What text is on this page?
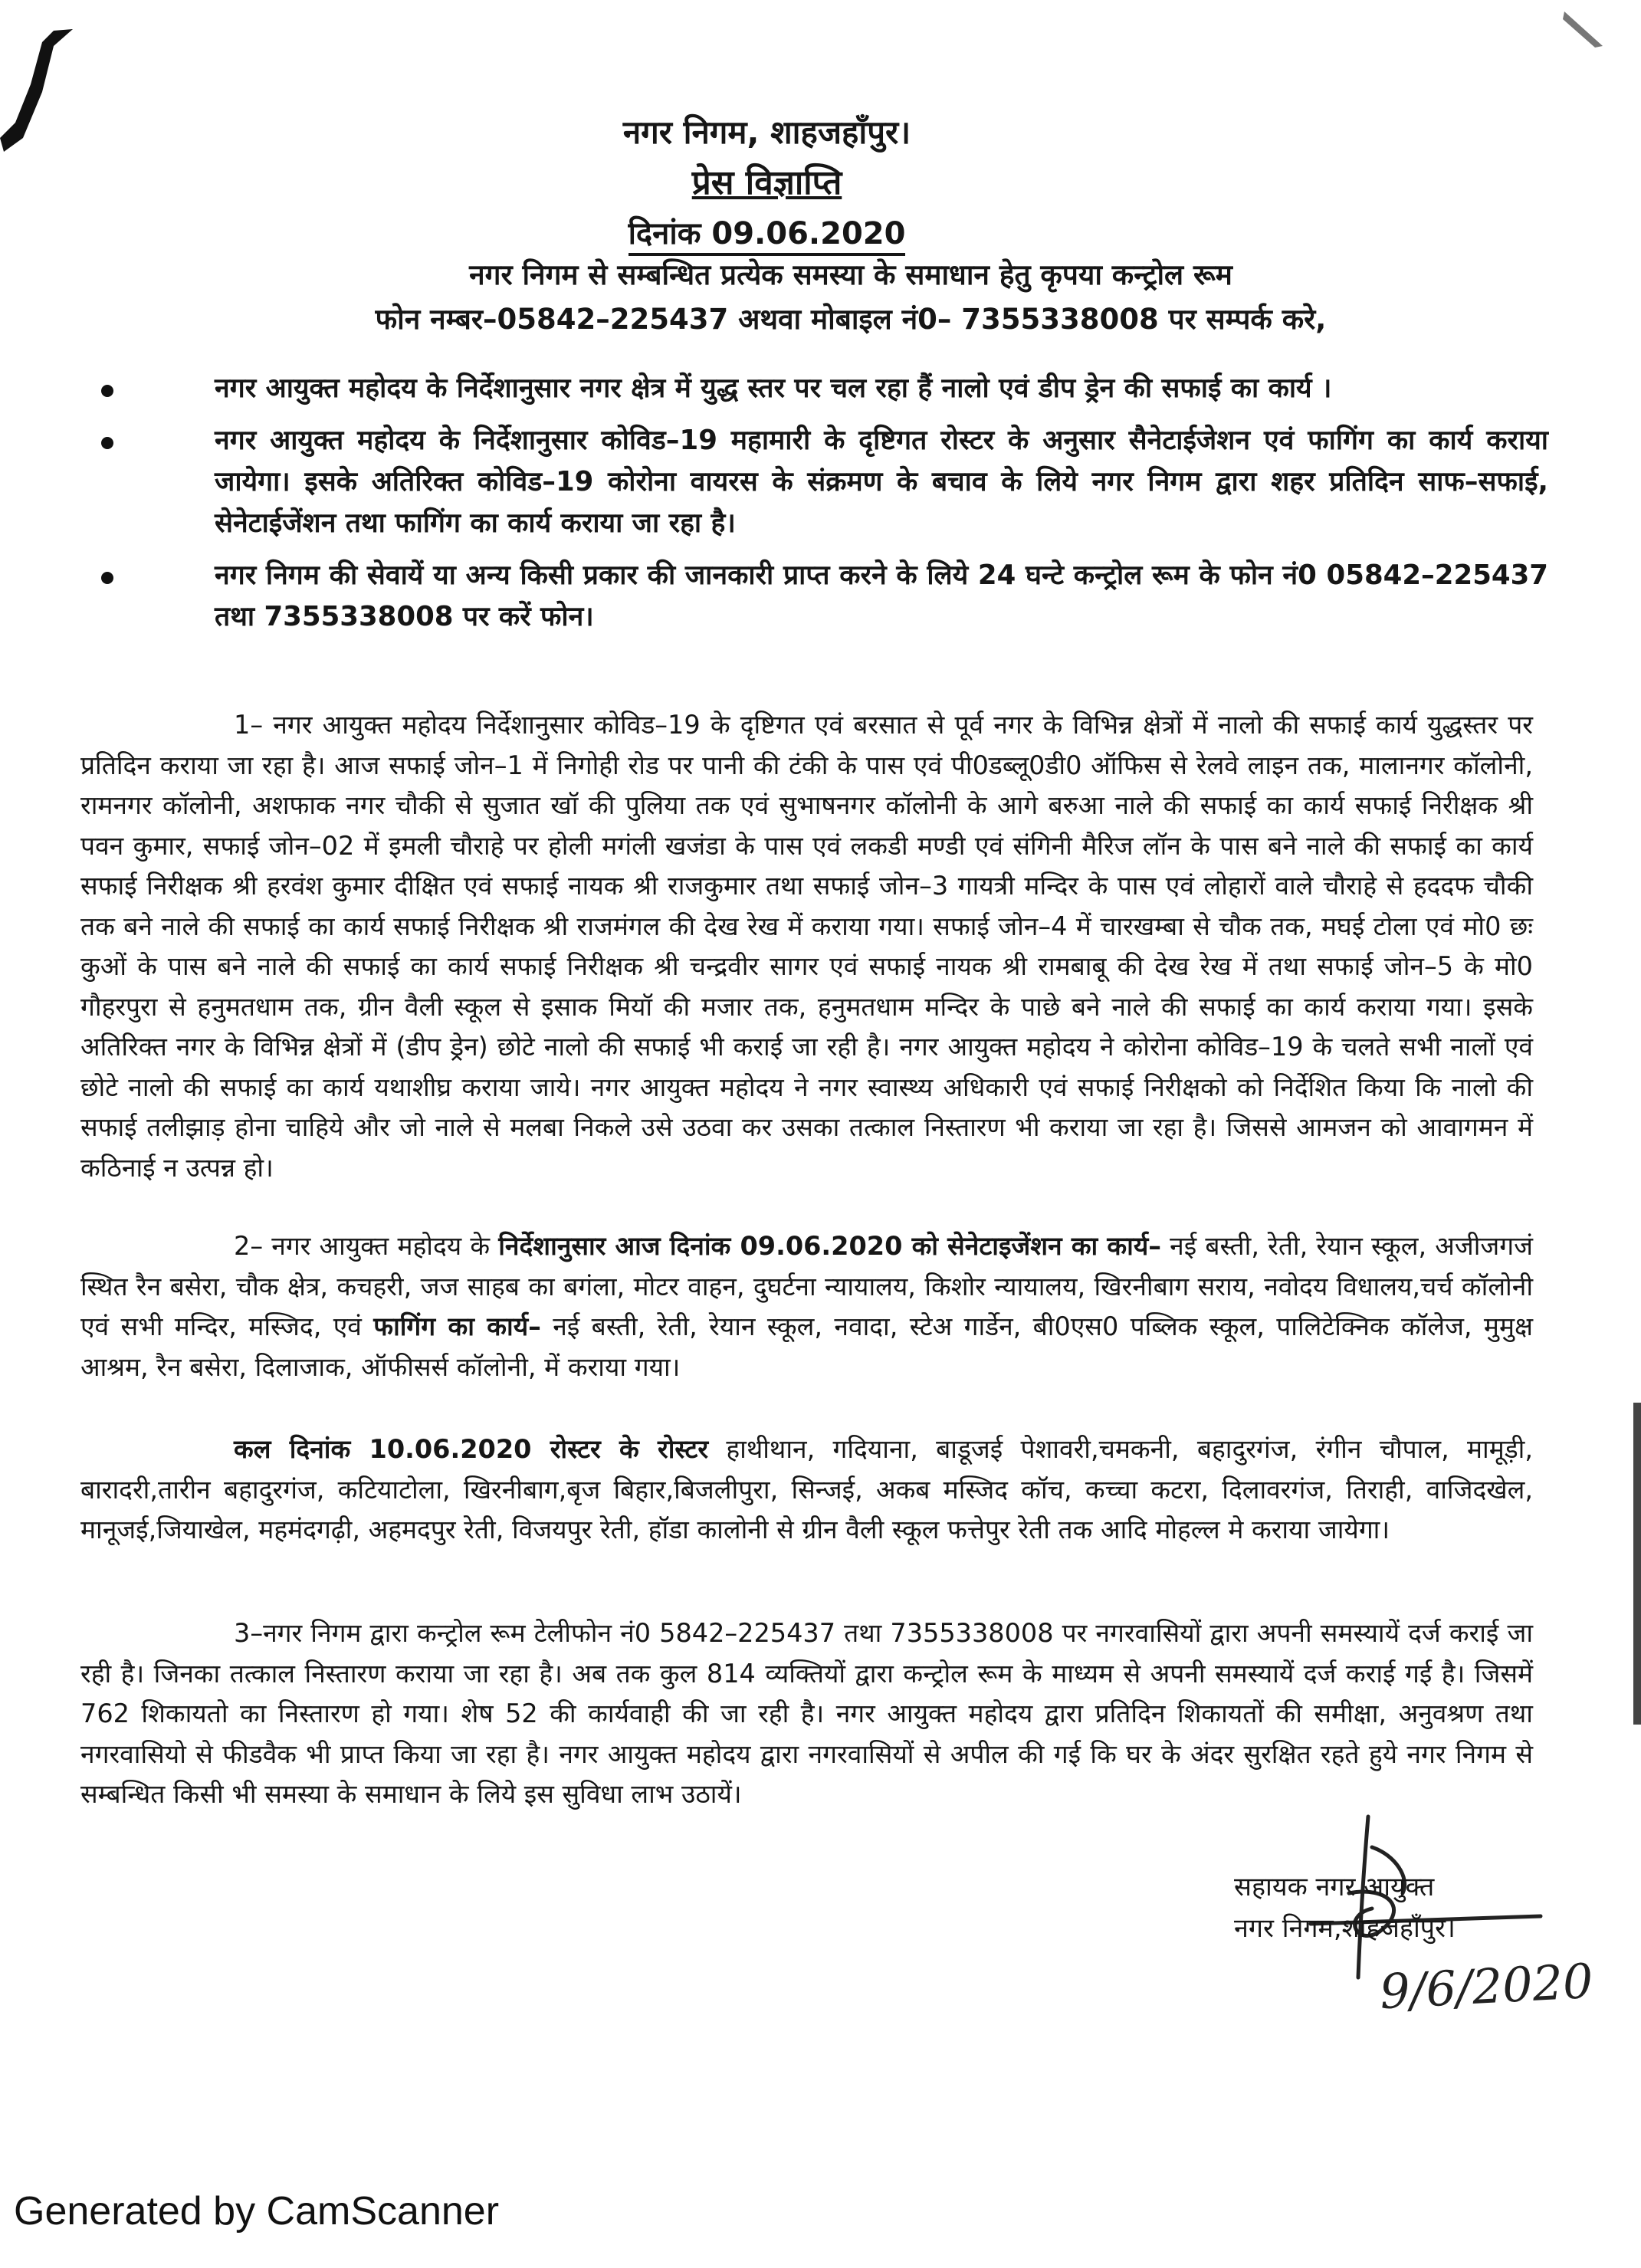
नगर निगम, शाहजहाँपुर।
प्रेस विज्ञाप्ति
दिनांक 09.06.2020
नगर निगम से सम्बन्धित प्रत्येक समस्या के समाधान हेतु कृपया कन्ट्रोल रूम
फोन नम्बर–05842–225437 अथवा मोबाइल नं0– 7355338008 पर सम्पर्क करे,
नगर आयुक्त महोदय के निर्देशानुसार नगर क्षेत्र में युद्ध स्तर पर चल रहा हैं नालो एवं डीप ड्रेन की सफाई का कार्य ।
नगर आयुक्त महोदय के निर्देशानुसार कोविड–19 महामारी के दृष्टिगत रोस्टर के अनुसार सैनेटाईजेशन एवं फागिंग का कार्य कराया जायेगा। इसके अतिरिक्त कोविड–19 कोरोना वायरस के संक्रमण के बचाव के लिये नगर निगम द्वारा शहर प्रतिदिन साफ–सफाई, सेनेटाईजेंशन तथा फागिंग का कार्य कराया जा रहा है।
नगर निगम की सेवायें या अन्य किसी प्रकार की जानकारी प्राप्त करने के लिये 24 घन्टे कन्ट्रोल रूम के फोन नं0 05842–225437 तथा 7355338008 पर करें फोन।
1– नगर आयुक्त महोदय निर्देशानुसार कोविड–19 के दृष्टिगत एवं बरसात से पूर्व नगर के विभिन्न क्षेत्रों में नालो की सफाई कार्य युद्धस्तर पर प्रतिदिन कराया जा रहा है। आज सफाई जोन–1 में निगोही रोड पर पानी की टंकी के पास एवं पी0डब्लू0डी0 ऑफिस से रेलवे लाइन तक, मालानगर कॉलोनी, रामनगर कॉलोनी, अशफाक नगर चौकी से सुजात खॉ की पुलिया तक एवं सुभाषनगर कॉलोनी के आगे बरुआ नाले की सफाई का कार्य सफाई निरीक्षक श्री पवन कुमार, सफाई जोन–02 में इमली चौराहे पर होली मगंली खजंडा के पास एवं लकडी मण्डी एवं संगिनी मैरिज लॉन के पास बने नाले की सफाई का कार्य सफाई निरीक्षक श्री हरवंश कुमार दीक्षित एवं सफाई नायक श्री राजकुमार तथा सफाई जोन–3 गायत्री मन्दिर के पास एवं लोहारों वाले चौराहे से हददफ चौकी तक बने नाले की सफाई का कार्य सफाई निरीक्षक श्री राजमंगल की देख रेख में कराया गया। सफाई जोन–4 में चारखम्बा से चौक तक, मघई टोला एवं मो0 छः कुओं के पास बने नाले की सफाई का कार्य सफाई निरीक्षक श्री चन्द्रवीर सागर एवं सफाई नायक श्री रामबाबू की देख रेख में तथा सफाई जोन–5 के मो0 गौहरपुरा से हनुमतधाम तक, ग्रीन वैली स्कूल से इसाक मियॉ की मजार तक, हनुमतधाम मन्दिर के पाछे बने नाले की सफाई का कार्य कराया गया। इसके अतिरिक्त नगर के विभिन्न क्षेत्रों में (डीप ड्रेन) छोटे नालो की सफाई भी कराई जा रही है। नगर आयुक्त महोदय ने कोरोना कोविड–19 के चलते सभी नालों एवं छोटे नालो की सफाई का कार्य यथाशीघ्र कराया जाये। नगर आयुक्त महोदय ने नगर स्वास्थ्य अधिकारी एवं सफाई निरीक्षको को निर्देशित किया कि नालो की सफाई तलीझाड़ होना चाहिये और जो नाले से मलबा निकले उसे उठवा कर उसका तत्काल निस्तारण भी कराया जा रहा है। जिससे आमजन को आवागमन में कठिनाई न उत्पन्न हो।
2– नगर आयुक्त महोदय के निर्देशानुसार आज दिनांक 09.06.2020 को सेनेटाइजेंशन का कार्य– नई बस्ती, रेती, रेयान स्कूल, अजीजगजं स्थित रैन बसेरा, चौक क्षेत्र, कचहरी, जज साहब का बगंला, मोटर वाहन, दुघर्टना न्यायालय, किशोर न्यायालय, खिरनीबाग सराय, नवोदय विधालय,चर्च कॉलोनी एवं सभी मन्दिर, मस्जिद, एवं फागिंग का कार्य– नई बस्ती, रेती, रेयान स्कूल, नवादा, स्टेअ गार्डेन, बी0एस0 पब्लिक स्कूल, पालिटेक्निक कॉलेज, मुमुक्ष आश्रम, रैन बसेरा, दिलाजाक, ऑफीसर्स कॉलोनी, में कराया गया।
कल दिनांक 10.06.2020 रोस्टर के रोस्टर हाथीथान, गदियाना, बाडूजई पेशावरी,चमकनी, बहादुरगंज, रंगीन चौपाल, मामूड़ी, बारादरी,तारीन बहादुरगंज, कटियाटोला, खिरनीबाग,बृज बिहार,बिजलीपुरा, सिन्जई, अकब मस्जिद कॉच, कच्चा कटरा, दिलावरगंज, तिराही, वाजिदखेल, मानूजई,जियाखेल, महमंदगढ़ी, अहमदपुर रेती, विजयपुर रेती, हॉडा कालोनी से ग्रीन वैली स्कूल फत्तेपुर रेती तक आदि मोहल्ल मे कराया जायेगा।
3–नगर निगम द्वारा कन्ट्रोल रूम टेलीफोन नं0 5842–225437 तथा 7355338008 पर नगरवासियों द्वारा अपनी समस्यायें दर्ज कराई जा रही है। जिनका तत्काल निस्तारण कराया जा रहा है। अब तक कुल 814 व्यक्तियों द्वारा कन्ट्रोल रूम के माध्यम से अपनी समस्यायें दर्ज कराई गई है। जिसमें 762 शिकायतो का निस्तारण हो गया। शेष 52 की कार्यवाही की जा रही है। नगर आयुक्त महोदय द्वारा प्रतिदिन शिकायतों की समीक्षा, अनुवश्रण तथा नगरवासियो से फीडवैक भी प्राप्त किया जा रहा है। नगर आयुक्त महोदय द्वारा नगरवासियों से अपील की गई कि घर के अंदर सुरक्षित रहते हुये नगर निगम से सम्बन्धित किसी भी समस्या के समाधान के लिये इस सुविधा लाभ उठायें।
सहायक नगर आयुक्त
नगर निगम,शाहजहाँपुर।
9/6/2020
Generated by CamScanner
